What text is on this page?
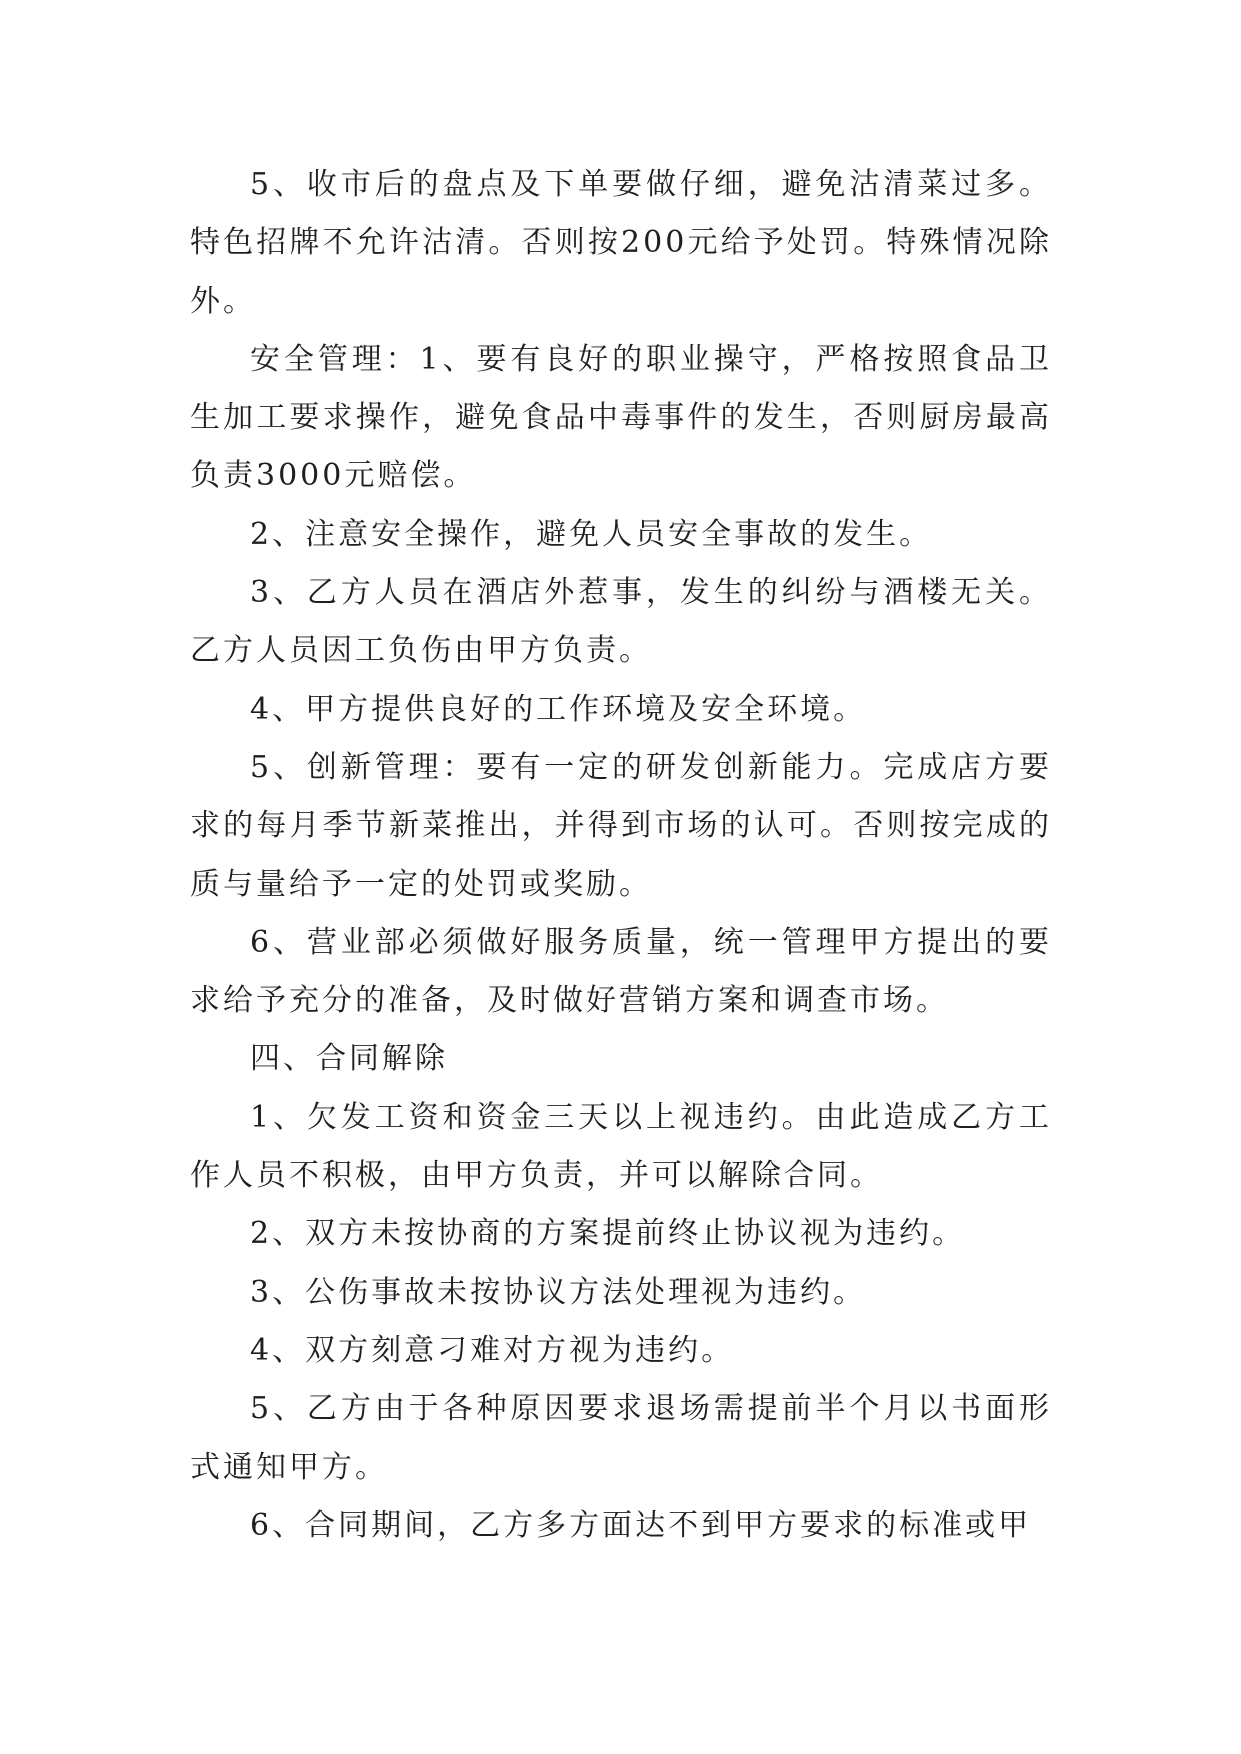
5、收市后的盘点及下单要做仔细，避免沽清菜过多。特色招牌不允许沽清。否则按200元给予处罚。特殊情况除外。

安全管理：1、要有良好的职业操守，严格按照食品卫生加工要求操作，避免食品中毒事件的发生，否则厨房最高负责3000元赔偿。

2、注意安全操作，避免人员安全事故的发生。

3、乙方人员在酒店外惹事，发生的纠纷与酒楼无关。乙方人员因工负伤由甲方负责。

4、甲方提供良好的工作环境及安全环境。

5、创新管理：要有一定的研发创新能力。完成店方要求的每月季节新菜推出，并得到市场的认可。否则按完成的质与量给予一定的处罚或奖励。

6、营业部必须做好服务质量，统一管理甲方提出的要求给予充分的准备，及时做好营销方案和调查市场。

四、合同解除

1、欠发工资和资金三天以上视违约。由此造成乙方工作人员不积极，由甲方负责，并可以解除合同。

2、双方未按协商的方案提前终止协议视为违约。

3、公伤事故未按协议方法处理视为违约。

4、双方刻意刁难对方视为违约。

5、乙方由于各种原因要求退场需提前半个月以书面形式通知甲方。

6、合同期间，乙方多方面达不到甲方要求的标准或甲
